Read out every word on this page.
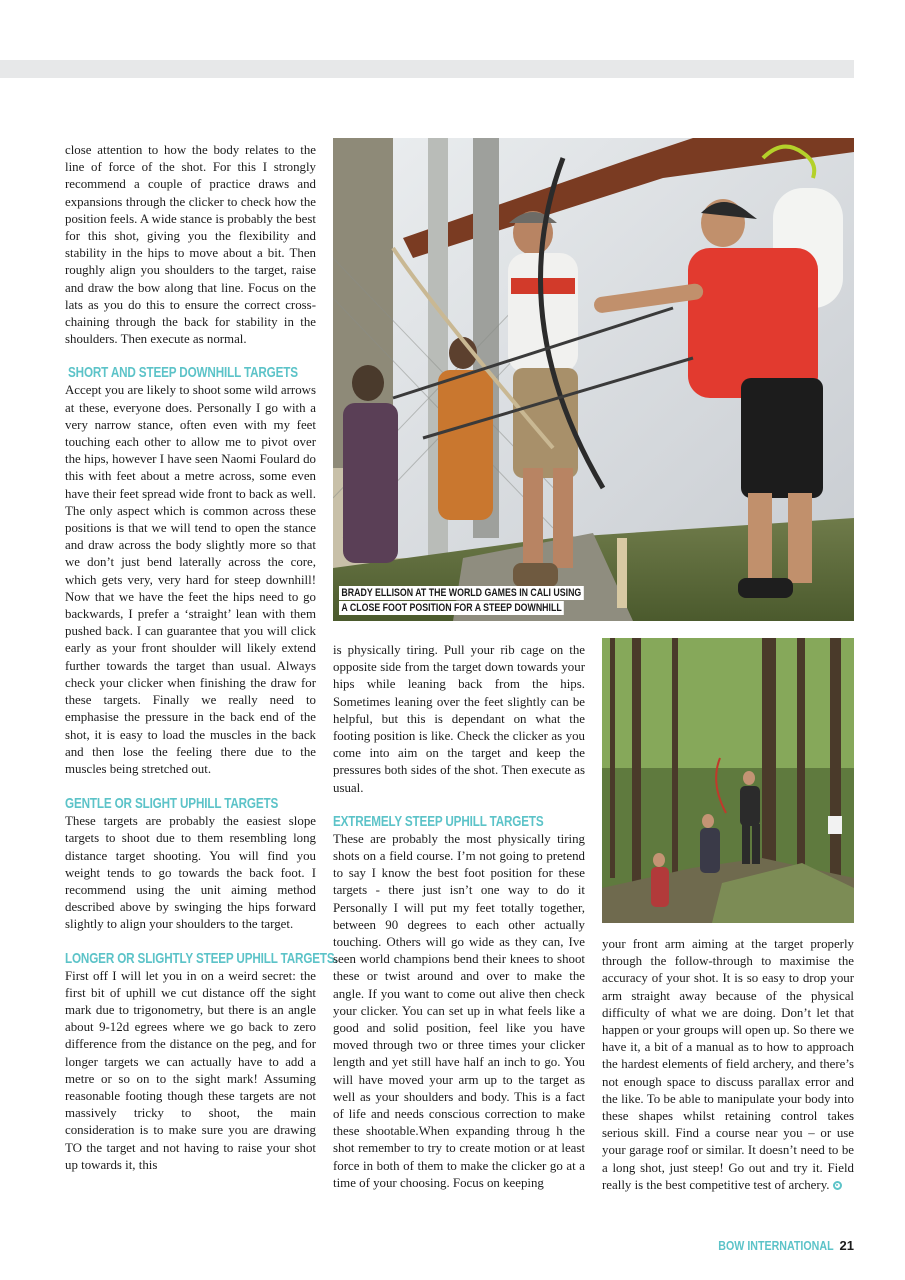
close attention to how the body relates to the line of force of the shot. For this I strongly recommend a couple of practice draws and expansions through the clicker to check how the position feels. A wide stance is probably the best for this shot, giving you the flexibility and stability in the hips to move about a bit. Then roughly align you shoulders to the target, raise and draw the bow along that line. Focus on the lats as you do this to ensure the correct cross-chaining through the back for stability in the shoulders. Then execute as normal.

SHORT AND STEEP DOWNHILL TARGETS

Accept you are likely to shoot some wild arrows at these, everyone does. Personally I go with a very narrow stance, often even with my feet touching each other to allow me to pivot over the hips, however I have seen Naomi Foulard do this with feet about a metre across, some even have their feet spread wide front to back as well. The only aspect which is common across these positions is that we will tend to open the stance and draw across the body slightly more so that we don’t just bend laterally across the core, which gets very, very hard for steep downhill! Now that we have the feet the hips need to go backwards, I prefer a ‘straight’ lean with them pushed back. I can guarantee that you will click early as your front shoulder will likely extend further towards the target than usual. Always check your clicker when finishing the draw for these targets. Finally we really need to emphasise the pressure in the back end of the shot, it is easy to load the muscles in the back and then lose the feeling there due to the muscles being stretched out.

GENTLE OR SLIGHT UPHILL TARGETS

These targets are probably the easiest slope targets to shoot due to them resembling long distance target shooting. You will find you weight tends to go towards the back foot. I recommend using the unit aiming method described above by swinging the hips forward slightly to align your shoulders to the target.

LONGER OR SLIGHTLY STEEP UPHILL TARGETS.

First off I will let you in on a weird secret: the first bit of uphill we cut distance off the sight mark due to trigonometry, but there is an angle about 9-12d egrees where we go back to zero difference from the distance on the peg, and for longer targets we can actually have to add a metre or so on to the sight mark! Assuming reasonable footing though these targets are not massively tricky to shoot, the main consideration is to make sure you are drawing TO the target and not having to raise your shot up towards it, this

BRADY ELLISON AT THE WORLD GAMES IN CALI USING
A CLOSE FOOT POSITION FOR A STEEP DOWNHILL

is physically tiring. Pull your rib cage on the opposite side from the target down towards your hips while leaning back from the hips. Sometimes leaning over the feet slightly can be helpful, but this is dependant on what the footing position is like. Check the clicker as you come into aim on the target and keep the pressures both sides of the shot. Then execute as usual.

EXTREMELY STEEP UPHILL TARGETS

These are probably the most physically tiring shots on a field course. I’m not going to pretend to say I know the best foot position for these targets - there just isn’t one way to do it Personally I will put my feet totally together, between 90 degrees to each other actually touching. Others will go wide as they can, Ive seen world champions bend their knees to shoot these or twist around and over to make the angle. If you want to come out alive then check your clicker. You can set up in what feels like a good and solid position, feel like you have moved through two or three times your clicker length and yet still have half an inch to go. You will have moved your arm up to the target as well as your shoulders and body. This is a fact of life and needs conscious correction to make these shootable.When expanding throug h the shot remember to try to create motion or at least force in both of them to make the clicker go at a time of your choosing. Focus on keeping

your front arm aiming at the target properly through the follow-through to maximise the accuracy of your shot. It is so easy to drop your arm straight away because of the physical difficulty of what we are doing. Don’t let that happen or your groups will open up. So there we have it, a bit of a manual as to how to approach the hardest elements of field archery, and there’s not enough space to discuss parallax error and the like. To be able to manipulate your body into these shapes whilst retaining control takes serious skill. Find a course near you – or use your garage roof or similar. It doesn’t need to be a long shot, just steep! Go out and try it. Field really is the best competitive test of archery.

BOW INTERNATIONAL 21
